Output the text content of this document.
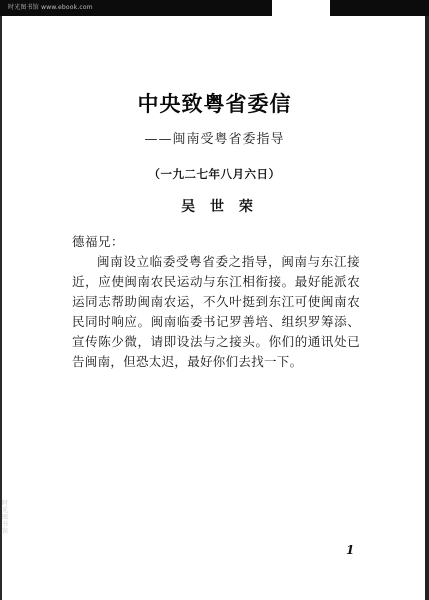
时光图书馆 www.ebook.com
时光图书馆
中央致粤省委信
——闽南受粤省委指导
（一九二七年八月六日）
吴 世 荣
德福兄：

闽南设立临委受粤省委之指导，闽南与东江接近，应使闽南农民运动与东江相衔接。最好能派农运同志帮助闽南农运，不久叶挺到东江可使闽南农民同时响应。闽南临委书记罗善培、组织罗筹添、宣传陈少微，请即设法与之接头。你们的通讯处已告闽南，但恐太迟，最好你们去找一下。

1
